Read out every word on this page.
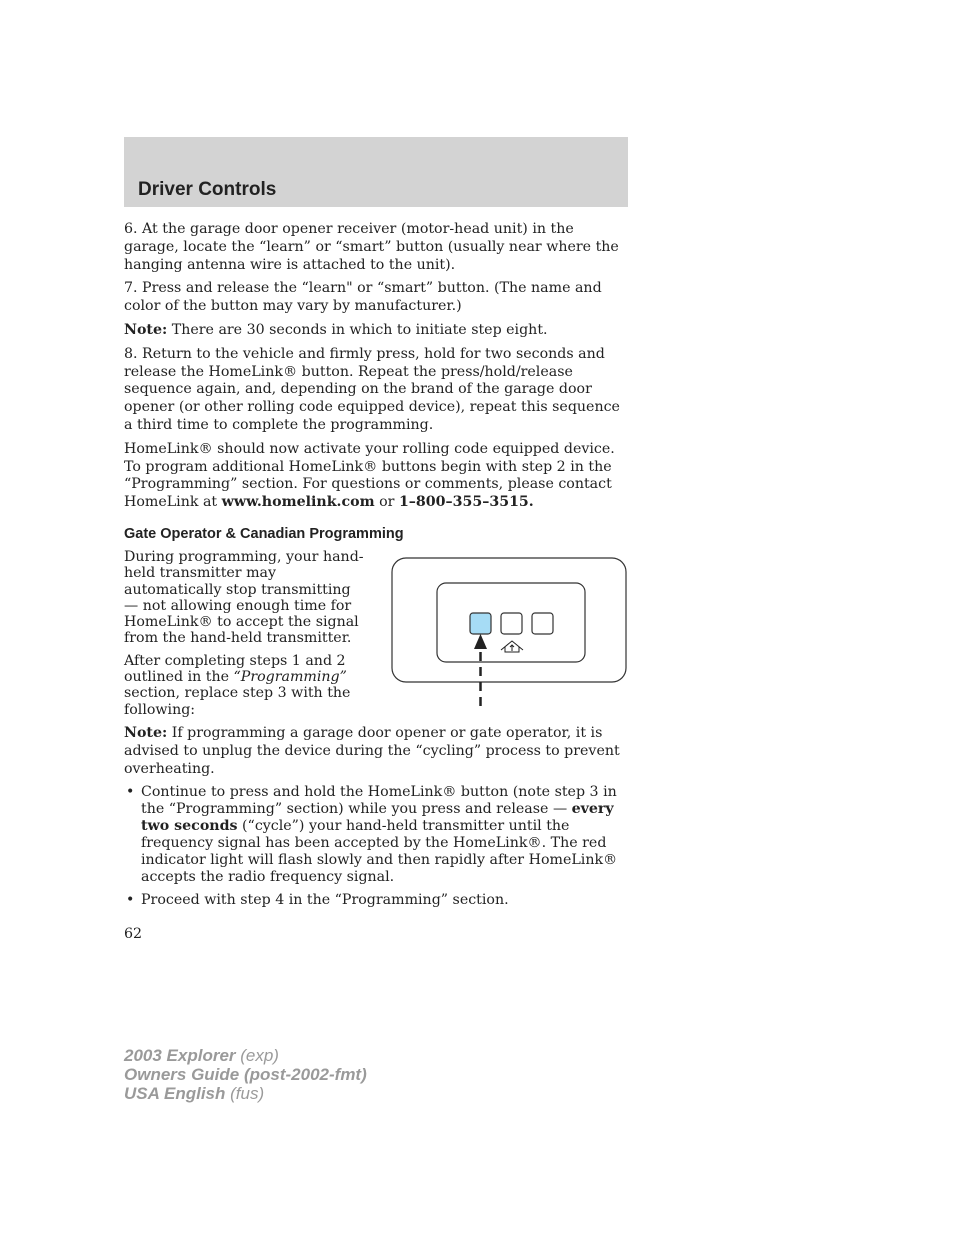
Driver Controls

6. At the garage door opener receiver (motor-head unit) in the garage, locate the “learn” or “smart” button (usually near where the hanging antenna wire is attached to the unit).

7. Press and release the “learn" or “smart” button. (The name and color of the button may vary by manufacturer.)

Note: There are 30 seconds in which to initiate step eight.

8. Return to the vehicle and firmly press, hold for two seconds and release the HomeLink® button. Repeat the press/hold/release sequence again, and, depending on the brand of the garage door opener (or other rolling code equipped device), repeat this sequence a third time to complete the programming.

HomeLink® should now activate your rolling code equipped device. To program additional HomeLink® buttons begin with step 2 in the “Programming” section. For questions or comments, please contact HomeLink at www.homelink.com or 1–800–355–3515.

Gate Operator & Canadian Programming

During programming, your hand-held transmitter may automatically stop transmitting — not allowing enough time for HomeLink® to accept the signal from the hand-held transmitter.

After completing steps 1 and 2 outlined in the “Programming” section, replace step 3 with the following:

Note: If programming a garage door opener or gate operator, it is advised to unplug the device during the “cycling” process to prevent overheating.

• Continue to press and hold the HomeLink® button (note step 3 in the “Programming” section) while you press and release — every two seconds (“cycle”) your hand-held transmitter until the frequency signal has been accepted by the HomeLink®. The red indicator light will flash slowly and then rapidly after HomeLink® accepts the radio frequency signal.
• Proceed with step 4 in the “Programming” section.
62
2003 Explorer (exp)
Owners Guide (post-2002-fmt)
USA English (fus)
